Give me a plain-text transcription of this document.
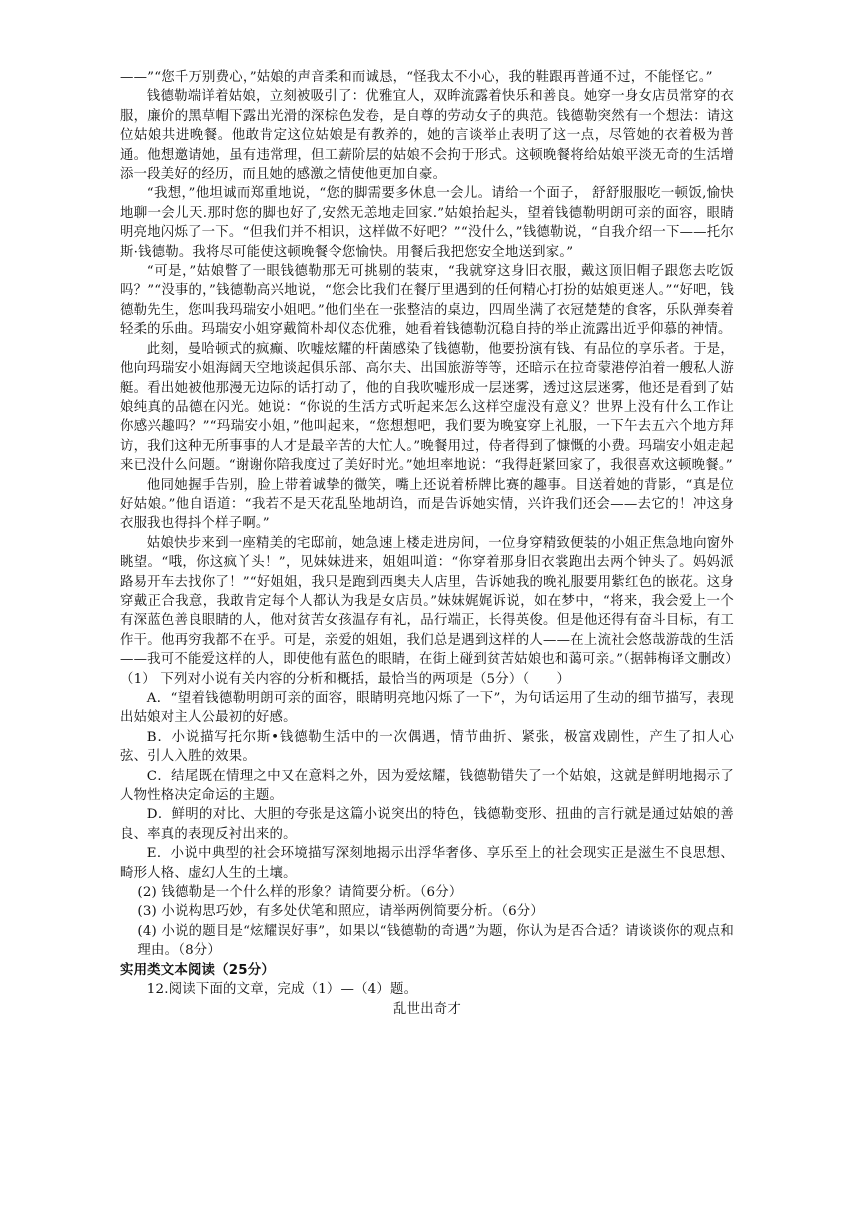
——”“您千万别费心，”姑娘的声音柔和而诚恳，“怪我太不小心，我的鞋跟再普通不过，不能怪它。”

钱德勒端详着姑娘，立刻被吸引了：优雅宜人，双眸流露着快乐和善良。她穿一身女店员常穿的衣服，廉价的黑草帽下露出光滑的深棕色发卷，是自尊的劳动女子的典范。钱德勒突然有一个想法：请这位姑娘共进晚餐。他敢肯定这位姑娘是有教养的，她的言谈举止表明了这一点，尽管她的衣着极为普通。他想邀请她，虽有违常理，但工薪阶层的姑娘不会拘于形式。这顿晚餐将给姑娘平淡无奇的生活增添一段美好的经历，而且她的感激之情使他更加自豪。

“我想，”他坦诚而郑重地说，“您的脚需要多休息一会儿。请给一个面子， 舒舒服服吃一顿饭,愉快地聊一会儿天.那时您的脚也好了,安然无恙地走回家.”姑娘抬起头，望着钱德勒明朗可亲的面容，眼睛明亮地闪烁了一下。“但我们并不相识，这样做不好吧？”“没什么，”钱德勒说，“自我介绍一下——托尔斯·钱德勒。我将尽可能使这顿晚餐令您愉快。用餐后我把您安全地送到家。”

“可是，”姑娘瞥了一眼钱德勒那无可挑剔的装束，“我就穿这身旧衣服，戴这顶旧帽子跟您去吃饭吗？”“没事的，”钱德勒高兴地说，“您会比我们在餐厅里遇到的任何精心打扮的姑娘更迷人。”“好吧，钱德勒先生，您叫我玛瑞安小姐吧。”他们坐在一张整洁的桌边，四周坐满了衣冠楚楚的食客，乐队弹奏着轻柔的乐曲。玛瑞安小姐穿戴简朴却仪态优雅，她看着钱德勒沉稳自持的举止流露出近乎仰慕的神情。

此刻，曼哈顿式的疯癫、吹嘘炫耀的杆菌感染了钱德勒，他要扮演有钱、有品位的享乐者。于是，他向玛瑞安小姐海阔天空地谈起俱乐部、高尔夫、出国旅游等等，还暗示在拉奇蒙港停泊着一艘私人游艇。看出她被他那漫无边际的话打动了，他的自我吹嘘形成一层迷雾，透过这层迷雾，他还是看到了姑娘纯真的品德在闪光。她说：“你说的生活方式听起来怎么这样空虚没有意义？世界上没有什么工作让你感兴趣吗？”“玛瑞安小姐，”他叫起来，“您想想吧，我们要为晚宴穿上礼服，一下午去五六个地方拜访，我们这种无所事事的人才是最辛苦的大忙人。”晚餐用过，侍者得到了慷慨的小费。玛瑞安小姐走起来已没什么问题。“谢谢你陪我度过了美好时光。”她坦率地说：“我得赶紧回家了，我很喜欢这顿晚餐。”

他同她握手告别，脸上带着诚挚的微笑，嘴上还说着桥牌比赛的趣事。目送着她的背影，“真是位好姑娘。”他自语道：“我若不是天花乱坠地胡诌，而是告诉她实情，兴许我们还会——去它的！冲这身衣服我也得抖个样子啊。”

姑娘快步来到一座精美的宅邸前，她急速上楼走进房间，一位身穿精致便装的小姐正焦急地向窗外眺望。“哦，你这疯丫头！”，见妹妹进来，姐姐叫道：“你穿着那身旧衣裳跑出去两个钟头了。妈妈派路易开车去找你了！”“好姐姐，我只是跑到西奥夫人店里，告诉她我的晚礼服要用紫红色的嵌花。这身穿戴正合我意，我敢肯定每个人都认为我是女店员。”妹妹娓娓诉说，如在梦中，“将来，我会爱上一个有深蓝色善良眼睛的人，他对贫苦女孩温存有礼，品行端正，长得英俊。但是他还得有奋斗目标，有工作干。他再穷我都不在乎。可是，亲爱的姐姐，我们总是遇到这样的人——在上流社会悠哉游哉的生活——我可不能爱这样的人，即使他有蓝色的眼睛，在街上碰到贫苦姑娘也和蔼可亲。”（据韩梅译文删改）

（1） 下列对小说有关内容的分析和概括，最恰当的两项是（5分）（　　）

A．“望着钱德勒明朗可亲的面容，眼睛明亮地闪烁了一下”，为句话运用了生动的细节描写，表现出姑娘对主人公最初的好感。

B．小说描写托尔斯•钱德勒生活中的一次偶遇，情节曲折、紧张，极富戏剧性，产生了扣人心弦、引人入胜的效果。

C．结尾既在情理之中又在意料之外，因为爱炫耀，钱德勒错失了一个姑娘，这就是鲜明地揭示了人物性格决定命运的主题。

D．鲜明的对比、大胆的夸张是这篇小说突出的特色，钱德勒变形、扭曲的言行就是通过姑娘的善良、率真的表现反衬出来的。

E．小说中典型的社会环境描写深刻地揭示出浮华奢侈、享乐至上的社会现实正是滋生不良思想、畸形人格、虚幻人生的土壤。

(2) 钱德勒是一个什么样的形象？请简要分析。（6分）

(3) 小说构思巧妙，有多处伏笔和照应，请举两例简要分析。（6分）

(4) 小说的题目是“炫耀误好事”，如果以“钱德勒的奇遇”为题，你认为是否合适？请谈谈你的观点和理由。（8分）

实用类文本阅读（25分）

12.阅读下面的文章，完成（1）—（4）题。

乱世出奇才
